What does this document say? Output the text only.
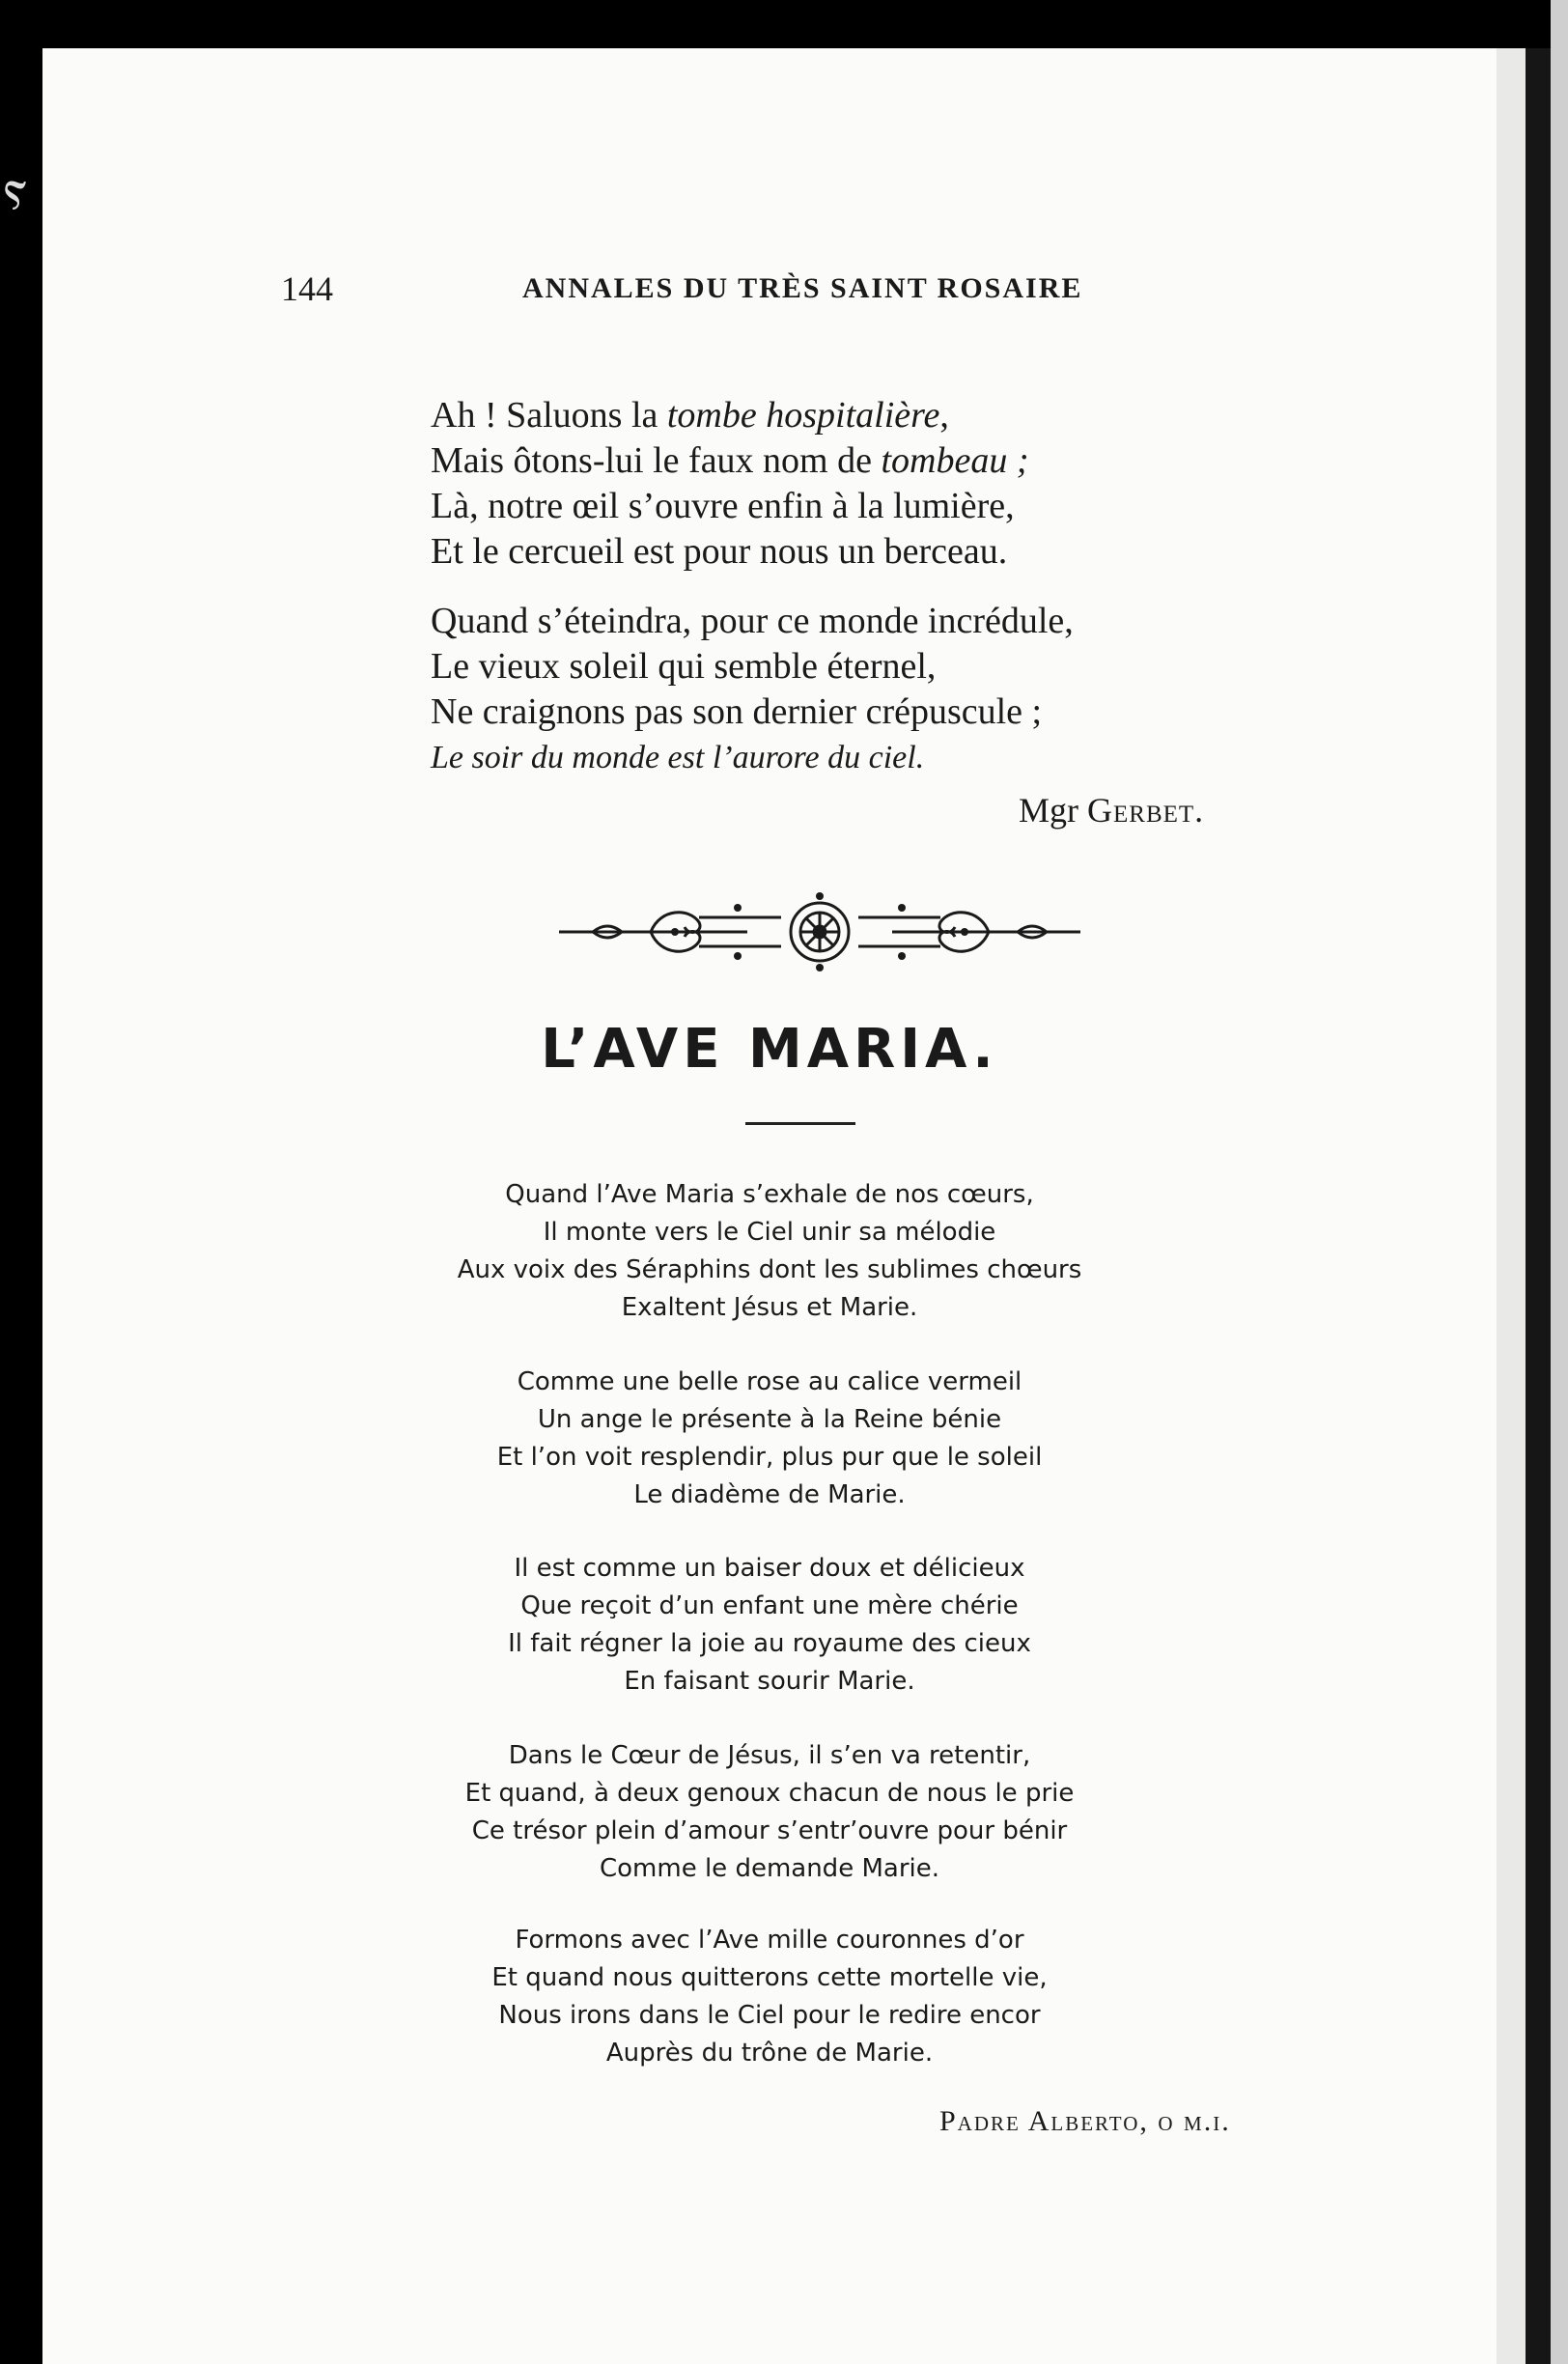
ⲋ
144	ANNALES DU TRÈS SAINT ROSAIRE
Ah ! Saluons la tombe hospitalière,
Mais ôtons-lui le faux nom de tombeau ;
Là, notre œil s’ouvre enfin à la lumière,
Et le cercueil est pour nous un berceau.
Quand s’éteindra, pour ce monde incrédule,
Le vieux soleil qui semble éternel,
Ne craignons pas son dernier crépuscule ;
Le soir du monde est l’aurore du ciel.
Mgr Gerbet.
L’AVE MARIA.
Quand l’Ave Maria s’exhale de nos cœurs,
Il monte vers le Ciel unir sa mélodie
Aux voix des Séraphins dont les sublimes chœurs
Exaltent Jésus et Marie.
Comme une belle rose au calice vermeil
Un ange le présente à la Reine bénie
Et l’on voit resplendir, plus pur que le soleil
Le diadème de Marie.
Il est comme un baiser doux et délicieux
Que reçoit d’un enfant une mère chérie
Il fait régner la joie au royaume des cieux
En faisant sourir Marie.
Dans le Cœur de Jésus, il s’en va retentir,
Et quand, à deux genoux chacun de nous le prie
Ce trésor plein d’amour s’entr’ouvre pour bénir
Comme le demande Marie.
Formons avec l’Ave mille couronnes d’or
Et quand nous quitterons cette mortelle vie,
Nous irons dans le Ciel pour le redire encor
Auprès du trône de Marie.
Padre Alberto, o m.i.
